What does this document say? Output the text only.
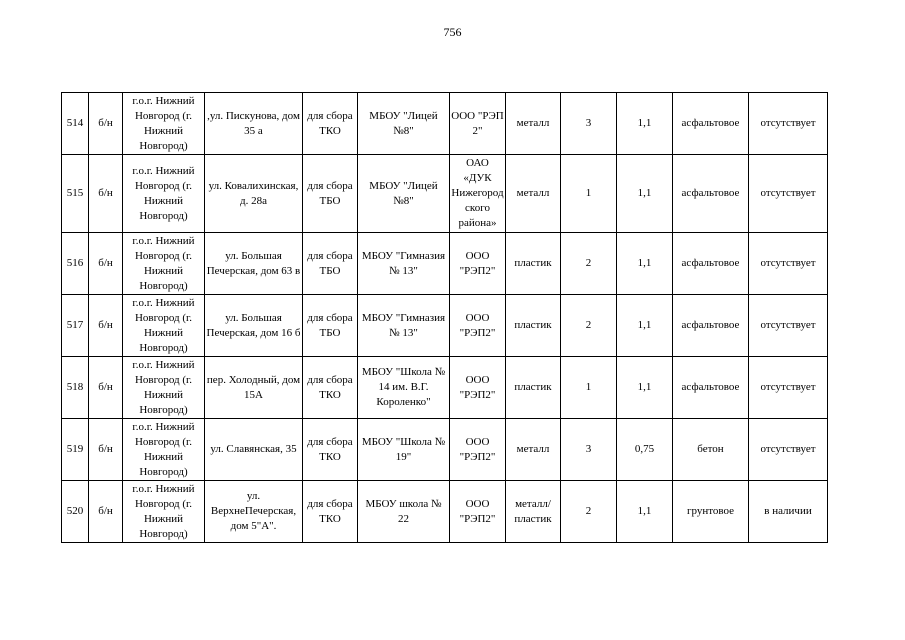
756
514	б/н	г.о.г. Нижний Новгород (г. Нижний Новгород)	,ул. Пискунова, дом 35 а	для сбора ТКО	МБОУ "Лицей №8"	ООО "РЭП 2"	металл	3	1,1	асфальтовое	отсутствует
515	б/н	г.о.г. Нижний Новгород (г. Нижний Новгород)	ул. Ковалихинская, д. 28а	для сбора ТБО	МБОУ "Лицей №8"	ОАО «ДУК Нижегородского района»	металл	1	1,1	асфальтовое	отсутствует
516	б/н	г.о.г. Нижний Новгород (г. Нижний Новгород)	ул. Большая Печерская, дом 63 в	для сбора ТБО	МБОУ "Гимназия № 13"	ООО "РЭП2"	пластик	2	1,1	асфальтовое	отсутствует
517	б/н	г.о.г. Нижний Новгород (г. Нижний Новгород)	ул. Большая Печерская, дом 16 б	для сбора ТБО	МБОУ "Гимназия № 13"	ООО "РЭП2"	пластик	2	1,1	асфальтовое	отсутствует
518	б/н	г.о.г. Нижний Новгород (г. Нижний Новгород)	пер. Холодный, дом 15А	для сбора ТКО	МБОУ "Школа № 14 им. В.Г. Короленко"	ООО "РЭП2"	пластик	1	1,1	асфальтовое	отсутствует
519	б/н	г.о.г. Нижний Новгород (г. Нижний Новгород)	ул. Славянская, 35	для сбора ТКО	МБОУ "Школа № 19"	ООО "РЭП2"	металл	3	0,75	бетон	отсутствует
520	б/н	г.о.г. Нижний Новгород (г. Нижний Новгород)	ул. ВерхнеПечерская, дом 5"А".	для сбора ТКО	МБОУ школа № 22	ООО "РЭП2"	металл/пластик	2	1,1	грунтовое	в наличии
